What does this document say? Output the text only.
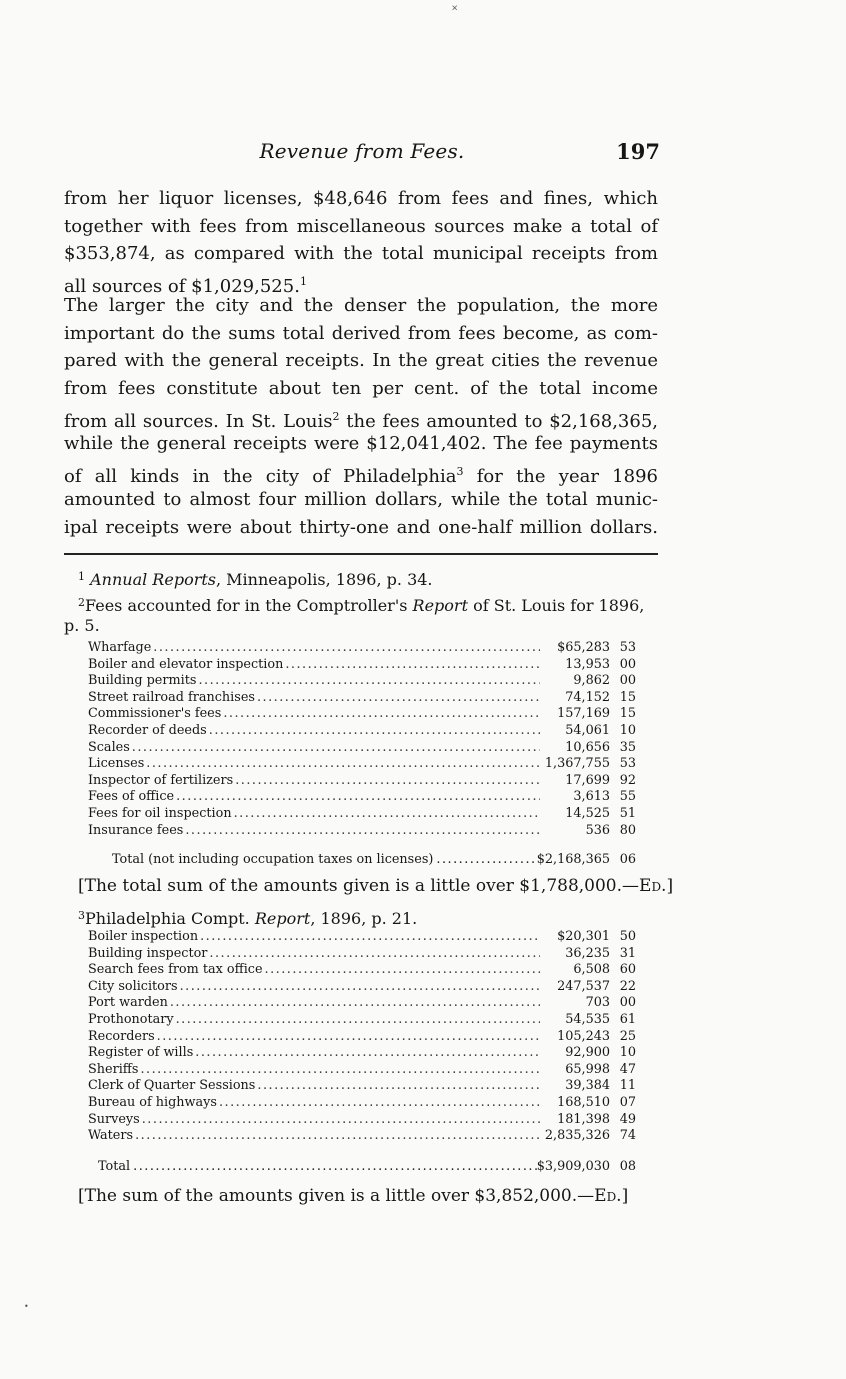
˟
•
Revenue from Fees.	197
from her liquor licenses, $48,646 from fees and fines, which
together with fees from miscellaneous sources make a total of
$353,874, as compared with the total municipal receipts from
all sources of $1,029,525.$^1$
The larger the city and the denser the population, the more
important do the sums total derived from fees become, as com-
pared with the general receipts. In the great cities the revenue
from fees constitute about ten per cent. of the total income
from all sources. In St. Louis$^2$ the fees amounted to $2,168,365,
while the general receipts were $12,041,402. The fee payments
of all kinds in the city of Philadelphia$^3$ for the year 1896
amounted to almost four million dollars, while the total munic-
ipal receipts were about thirty-one and one-half million dollars.
$^1$ Annual Reports, Minneapolis, 1896, p. 34.
$^2$Fees accounted for in the Comptroller's Report of St. Louis for 1896,
p. 5.
Wharfage .....	$65,283 53
Boiler and elevator inspection .....	13,953 00
Building permits .....	9,862 00
Street railroad franchises .....	74,152 15
Commissioner's fees .....	157,169 15
Recorder of deeds .....	54,061 10
Scales .....	10,656 35
Licenses .....	1,367,755 53
Inspector of fertilizers .....	17,699 92
Fees of office .....	3,613 55
Fees for oil inspection .....	14,525 51
Insurance fees .....	536 80
Total (not including occupation taxes on licenses) .....	$2,168,365 06
[The total sum of the amounts given is a little over $1,788,000.—Ed.]
$^3$Philadelphia Compt. Report, 1896, p. 21.
Boiler inspection .....	$20,301 50
Building inspector .....	36,235 31
Search fees from tax office .....	6,508 60
City solicitors .....	247,537 22
Port warden .....	703 00
Prothonotary .....	54,535 61
Recorders .....	105,243 25
Register of wills .....	92,900 10
Sheriffs .....	65,998 47
Clerk of Quarter Sessions .....	39,384 11
Bureau of highways .....	168,510 07
Surveys .....	181,398 49
Waters .....	2,835,326 74
Total .....	$3,909,030 08
[The sum of the amounts given is a little over $3,852,000.—Ed.]
